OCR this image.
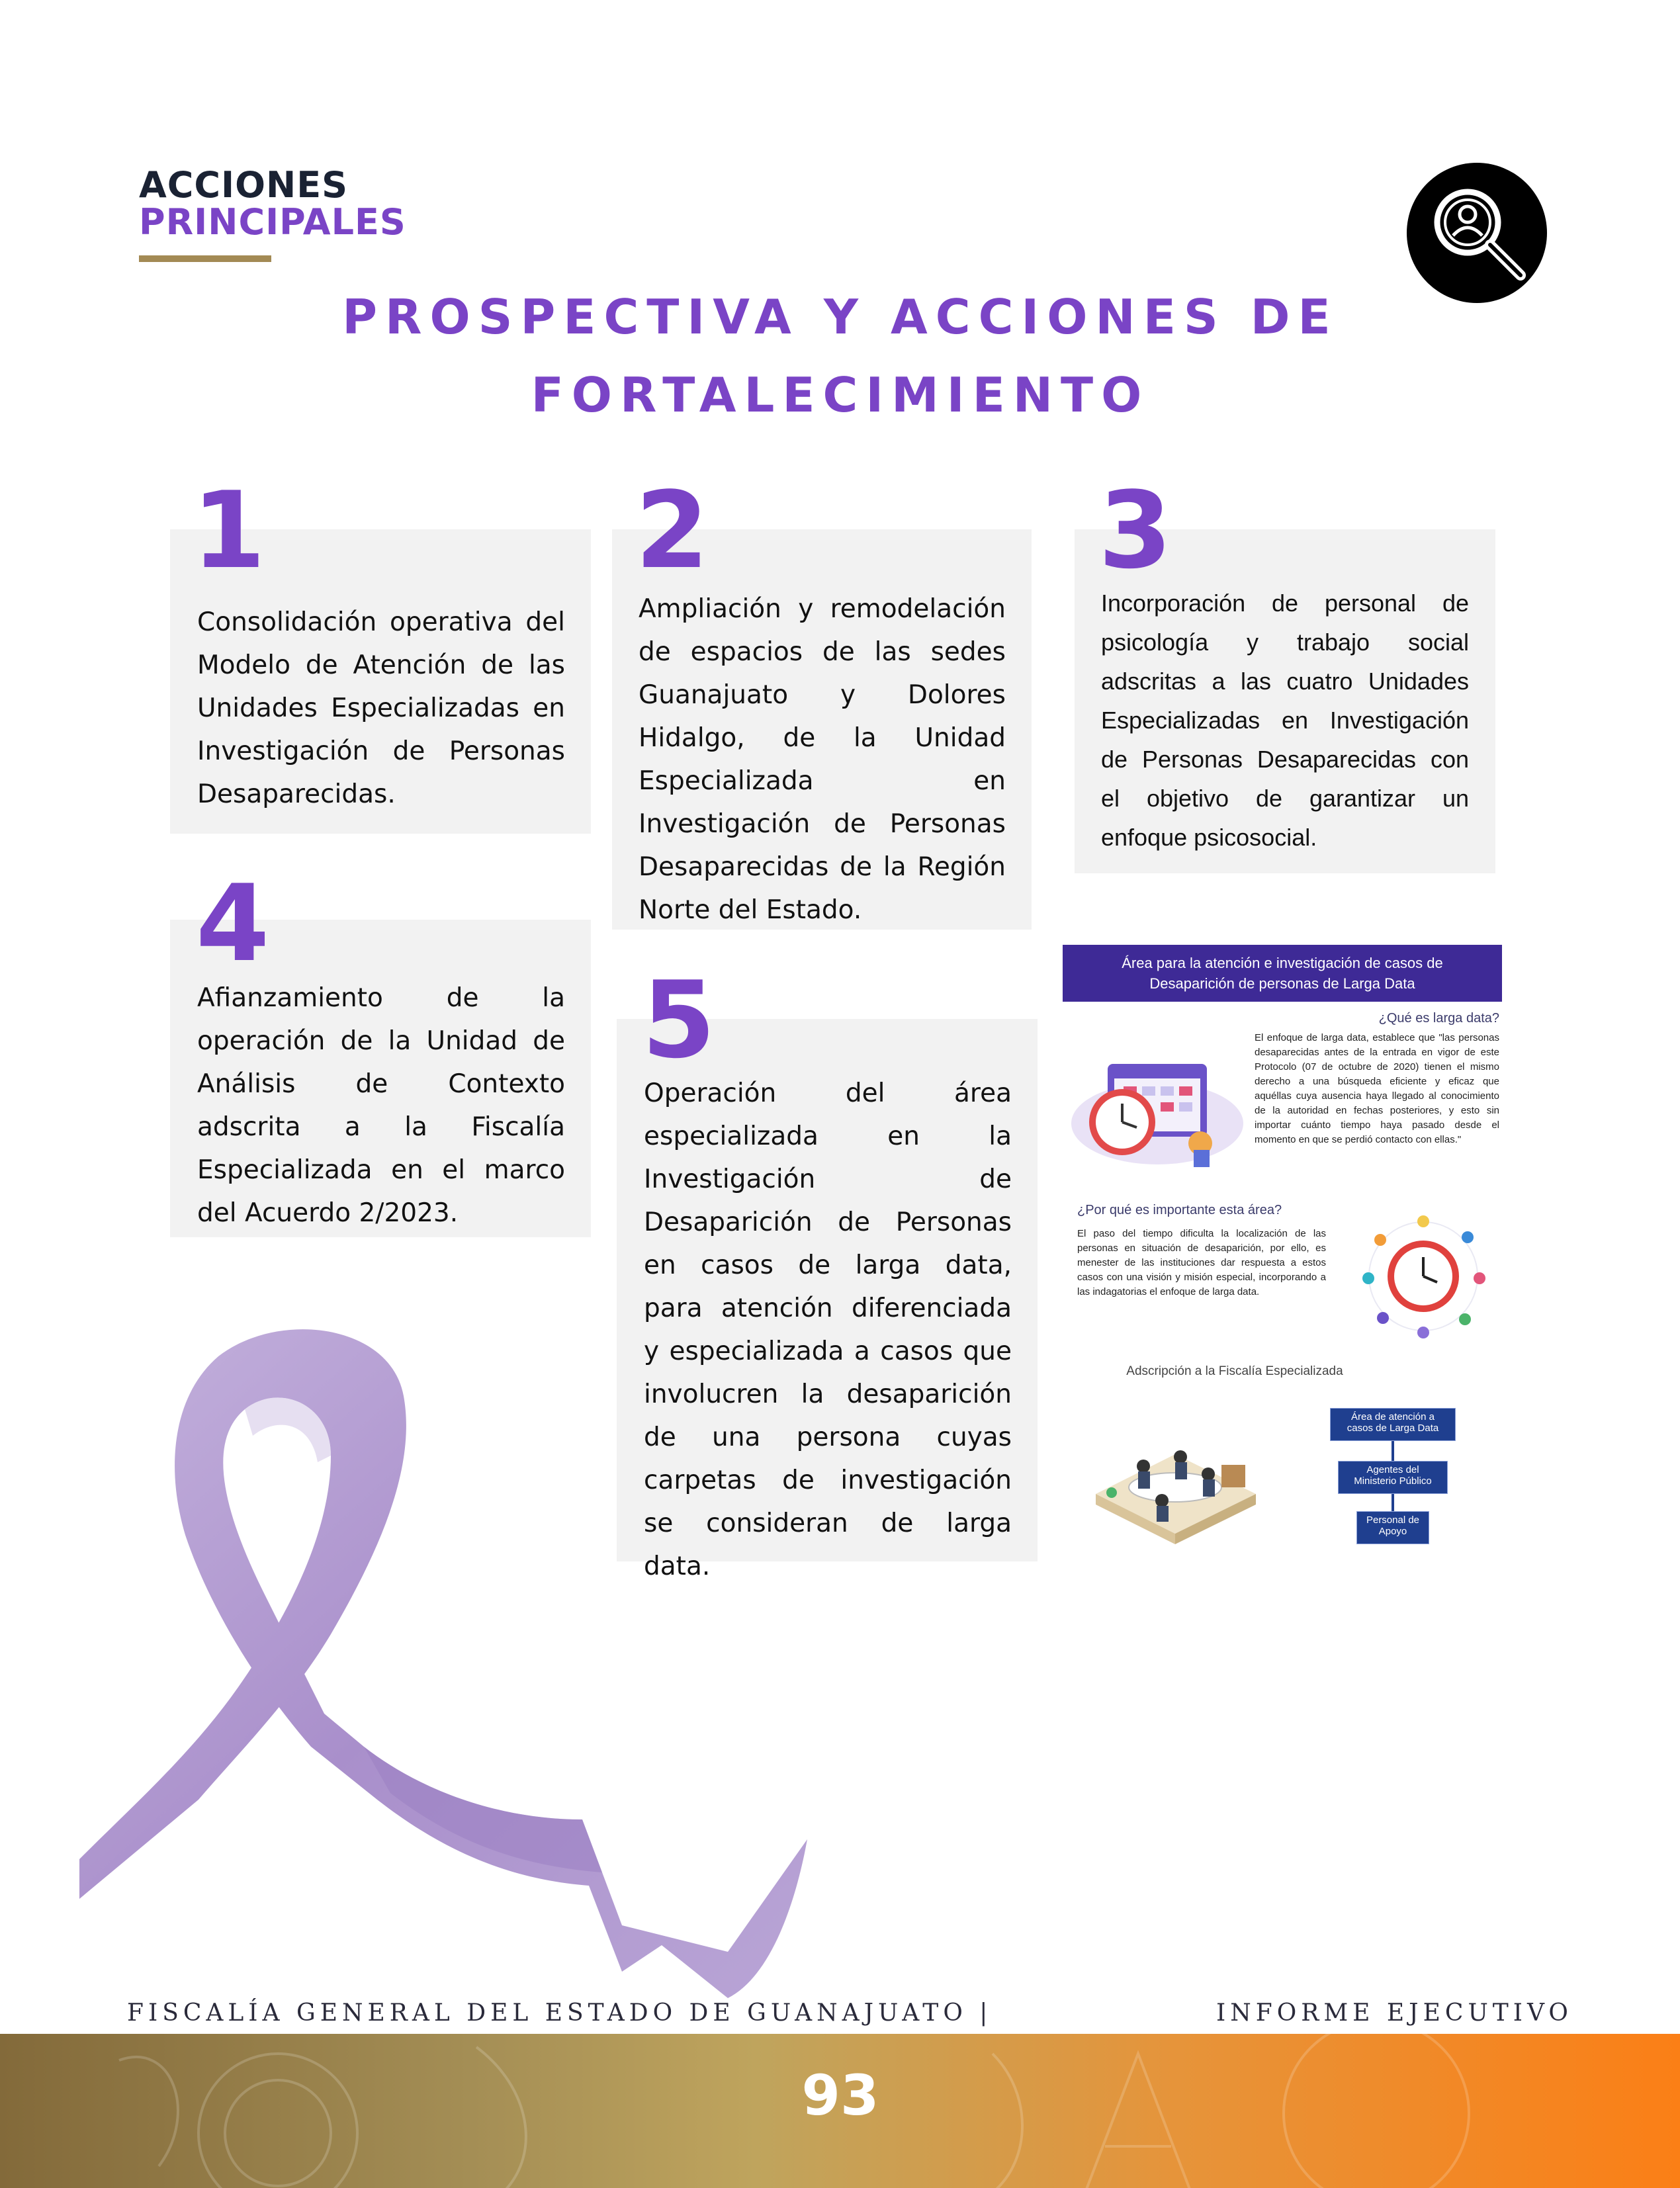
ACCIONES
PRINCIPALES
PROSPECTIVA Y ACCIONES DE
FORTALECIMIENTO
1
Consolidación operativa del Modelo de Atención de las Unidades Especializadas en Investigación de Personas Desaparecidas.
2
Ampliación y remodelación de espacios de las sedes Guanajuato y Dolores Hidalgo, de la Unidad Especializada en Investigación de Personas Desaparecidas de la Región Norte del Estado.
3
Incorporación de personal de psicología y trabajo social adscritas a las cuatro Unidades Especializadas en Investigación de Personas Desaparecidas con el objetivo de garantizar un enfoque psicosocial.
4
Afianzamiento de la operación de la Unidad de Análisis de Contexto adscrita a la Fiscalía Especializada en el marco del Acuerdo 2/2023.
5
Operación del área especializada en la Investigación de Desaparición de Personas en casos de larga data, para atención diferenciada y especializada a casos que involucren la desaparición de una persona cuyas carpetas de investigación se consideran de larga data.
Área para la atención e investigación de casos de
Desaparición de personas de Larga Data
¿Qué es larga data?
El enfoque de larga data, establece que "las personas desaparecidas antes de la entrada en vigor de este Protocolo (07 de octubre de 2020) tienen el mismo derecho a una búsqueda eficiente y eficaz que aquéllas cuya ausencia haya llegado al conocimiento de la autoridad en fechas posteriores, y esto sin importar cuánto tiempo haya pasado desde el momento en que se perdió contacto con ellas."
¿Por qué es importante esta área?
El paso del tiempo dificulta la localización de las personas en situación de desaparición, por ello, es menester de las instituciones dar respuesta a estos casos con una visión y misión especial, incorporando a las indagatorias el enfoque de larga data.
Adscripción a la Fiscalía Especializada
Área de atención a
casos de Larga Data
Agentes del
Ministerio Público
Personal de
Apoyo
FISCALÍA GENERAL DEL ESTADO DE GUANAJUATO |	INFORME EJECUTIVO
93
